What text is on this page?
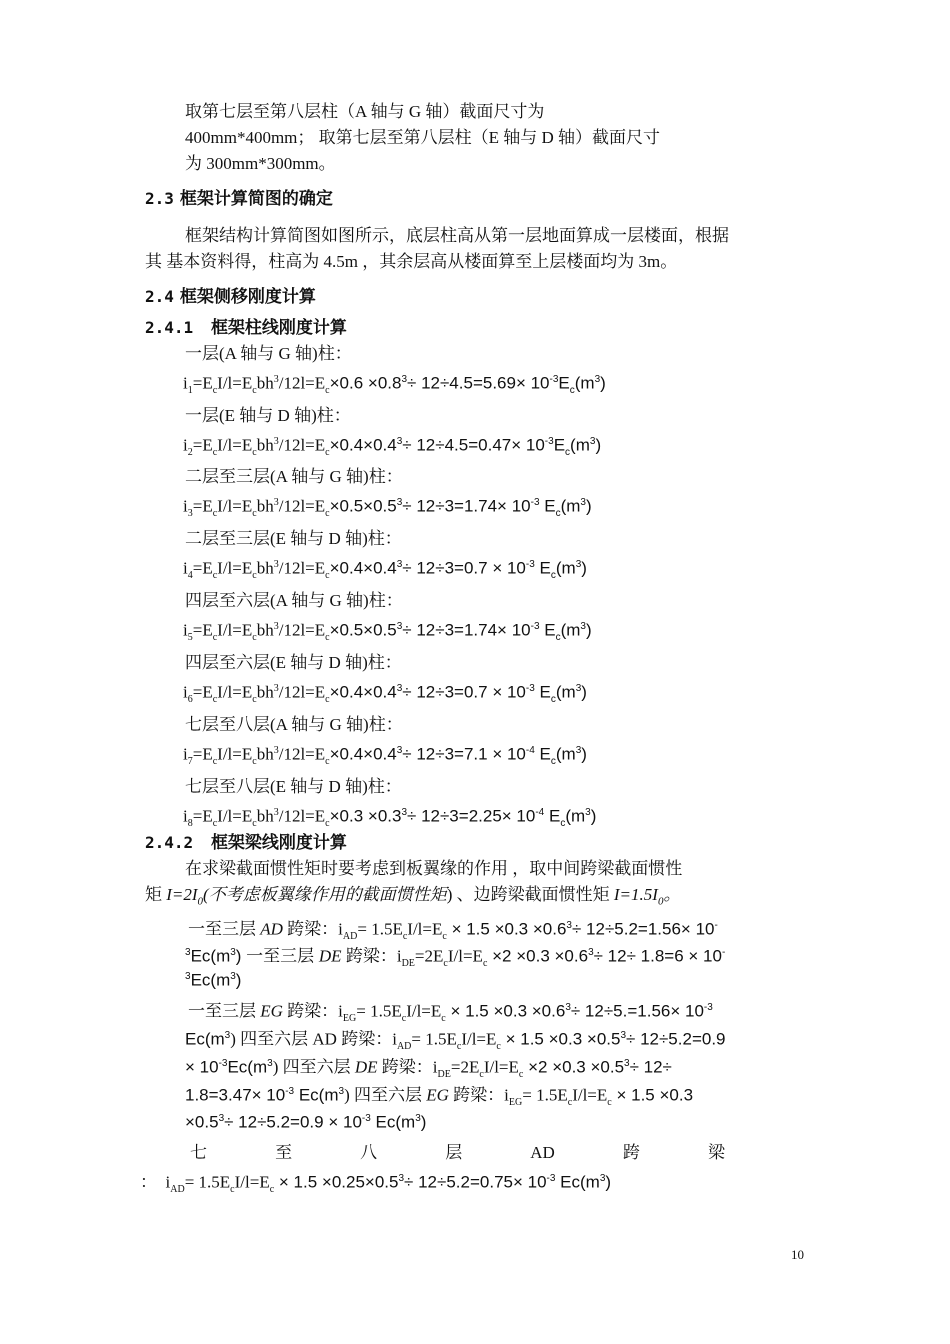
取第七层至第八层柱（A 轴与 G 轴）截面尺寸为
400mm*400mm； 取第七层至第八层柱（E 轴与 D 轴）截面尺寸
为 300mm*300mm。
2.3 框架计算简图的确定
框架结构计算简图如图所示，底层柱高从第一层地面算成一层楼面，根据
其 基本资料得，柱高为 4.5m ，其余层高从楼面算至上层楼面均为 3m。
2.4 框架侧移刚度计算
2.4.1 框架柱线刚度计算
一层(A 轴与 G 轴)柱：
$i_1=E_cI/l=E_cbh^3/12l=E_c\times 0.6 \times 0.8^3\div 12\div 4.5=5.69\times 10^{-3}E_c(m^3)$
一层(E 轴与 D 轴)柱：
$i_2=E_cI/l=E_cbh^3/12l=E_c\times 0.4\times 0.4^3\div 12\div 4.5=0.47\times 10^{-3}E_c(m^3)$
二层至三层(A 轴与 G 轴)柱：
$i_3=E_cI/l=E_cbh^3/12l=E_c\times 0.5\times 0.5^3\div 12\div 3=1.74\times 10^{-3}$ $E_c(m^3)$
二层至三层(E 轴与 D 轴)柱：
$i_4=E_cI/l=E_cbh^3/12l=E_c\times 0.4\times 0.4^3\div 12\div 3=0.7 \times 10^{-3}$ $E_c(m^3)$
四层至六层(A 轴与 G 轴)柱：
$i_5=E_cI/l=E_cbh^3/12l=E_c\times 0.5\times 0.5^3\div 12\div 3=1.74\times 10^{-3}$ $E_c(m^3)$
四层至六层(E 轴与 D 轴)柱：
$i_6=E_cI/l=E_cbh^3/12l=E_c\times 0.4\times 0.4^3\div 12\div 3=0.7 \times 10^{-3}$ $E_c(m^3)$
七层至八层(A 轴与 G 轴)柱：
$i_7=E_cI/l=E_cbh^3/12l=E_c\times 0.4\times 0.4^3\div 12\div 3=7.1 \times 10^{-4}$ $E_c(m^3)$
七层至八层(E 轴与 D 轴)柱：
$i_8=E_cI/l=E_cbh^3/12l=E_c\times 0.3 \times 0.3^3\div 12\div 3=2.25\times 10^{-4}$ $E_c(m^3)$
2.4.2 框架梁线刚度计算
在求梁截面惯性矩时要考虑到板翼缘的作用 ，取中间跨梁截面惯性
矩 $I=2I_0$(不考虑板翼缘作用的截面惯性矩) 、边跨梁截面惯性矩 $I=1.5I_0$。
一至三层 AD 跨梁：$i_{AD}= 1.5E_cI/l=E_c \times 1.5 \times 0.3 \times 0.6^3\div 12\div 5.2=1.56\times 10^-$
$^3Ec(m^3)$ 一至三层 DE 跨梁：$i_{DE}=2E_cI/l=E_c \times 2 \times 0.3 \times 0.6^3\div 12\div 1.8=6 \times 10^-$
$^3Ec(m^3)$
一至三层 EG 跨梁：$i_{EG}= 1.5E_cI/l=E_c \times 1.5 \times 0.3 \times 0.6^3\div 12\div 5.=1.56\times 10^{-3}$
$Ec(m^3)$ 四至六层 AD 跨梁：$i_{AD}= 1.5E_cI/l=E_c \times 1.5 \times 0.3 \times 0.5^3\div 12\div 5.2=0.9$
× $10^{-3}Ec(m^3)$ 四至六层 DE 跨梁：$i_{DE}=2E_cI/l=E_c \times 2 \times 0.3 \times 0.5^3\div 12\div$
$1.8=3.47\times 10^{-3}$ $Ec(m^3)$ 四至六层 EG 跨梁：$i_{EG}= 1.5E_cI/l=E_c \times 1.5 \times 0.3$
$\times 0.5^3\div 12\div 5.2=0.9 \times 10^{-3}$ $Ec(m^3)$
七	至	八	层	AD	跨	梁
： $i_{AD}= 1.5E_cI/l=E_c \times 1.5 \times 0.25\times 0.5^3\div 12\div 5.2=0.75\times 10^{-3}$ $Ec(m^3)$
10
